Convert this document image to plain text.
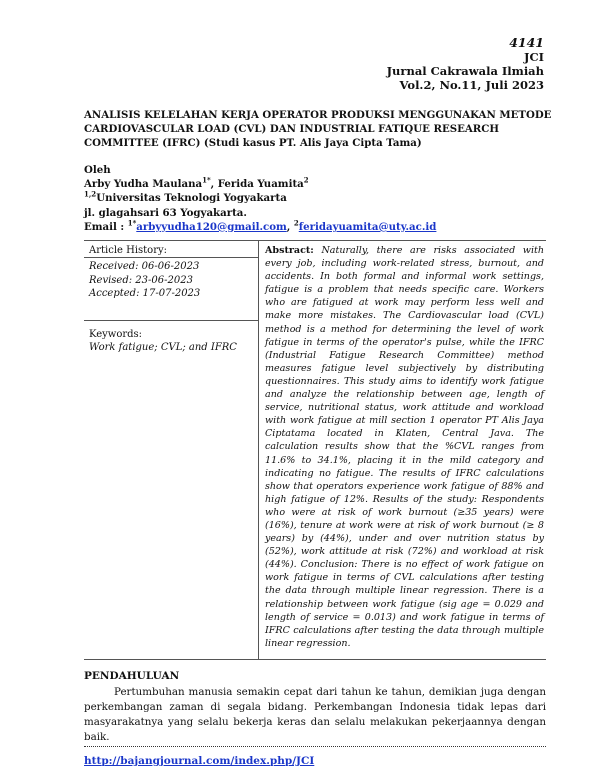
4141
JCI
Jurnal Cakrawala Ilmiah
Vol.2, No.11, Juli 2023
ANALISIS KELELAHAN KERJA OPERATOR PRODUKSI MENGGUNAKAN METODE CARDIOVASCULAR LOAD (CVL) DAN INDUSTRIAL FATIQUE RESEARCH COMMITTEE (IFRC) (Studi kasus PT. Alis Jaya Cipta Tama)
Oleh
Arby Yudha Maulana$^{1*}$, Ferida Yuamita$^2$
$^{1,2}$Universitas Teknologi Yogyakarta
jl. glagahsari 63 Yogyakarta.
Email : $^{1*}$arbyyudha120@gmail.com, $^2$feridayuamita@uty.ac.id
Article History:
Received: 06-06-2023
Revised: 23-06-2023
Accepted: 17-07-2023
Keywords:
Work fatigue; CVL; and IFRC
Abstract: Naturally, there are risks associated with every job, including work-related stress, burnout, and accidents. In both formal and informal work settings, fatigue is a problem that needs specific care. Workers who are fatigued at work may perform less well and make more mistakes. The Cardiovascular load (CVL) method is a method for determining the level of work fatigue in terms of the operator's pulse, while the IFRC (Industrial Fatigue Research Committee) method measures fatigue level subjectively by distributing questionnaires. This study aims to identify work fatigue and analyze the relationship between age, length of service, nutritional status, work attitude and workload with work fatigue at mill section 1 operator PT Alis Jaya Ciptatama located in Klaten, Central Java. The calculation results show that the %CVL ranges from 11.6% to 34.1%, placing it in the mild category and indicating no fatigue. The results of IFRC calculations show that operators experience work fatigue of 88% and high fatigue of 12%. Results of the study: Respondents who were at risk of work burnout (≥35 years) were (16%), tenure at work were at risk of work burnout (≥ 8 years) by (44%), under and over nutrition status by (52%), work attitude at risk (72%) and workload at risk (44%). Conclusion: There is no effect of work fatigue on work fatigue in terms of CVL calculations after testing the data through multiple linear regression. There is a relationship between work fatigue (sig age = 0.029 and length of service = 0.013) and work fatigue in terms of IFRC calculations after testing the data through multiple linear regression.
PENDAHULUAN
Pertumbuhan manusia semakin cepat dari tahun ke tahun, demikian juga dengan perkembangan zaman di segala bidang. Perkembangan Indonesia tidak lepas dari masyarakatnya yang selalu bekerja keras dan selalu melakukan pekerjaannya dengan baik.
http://bajangjournal.com/index.php/JCI
